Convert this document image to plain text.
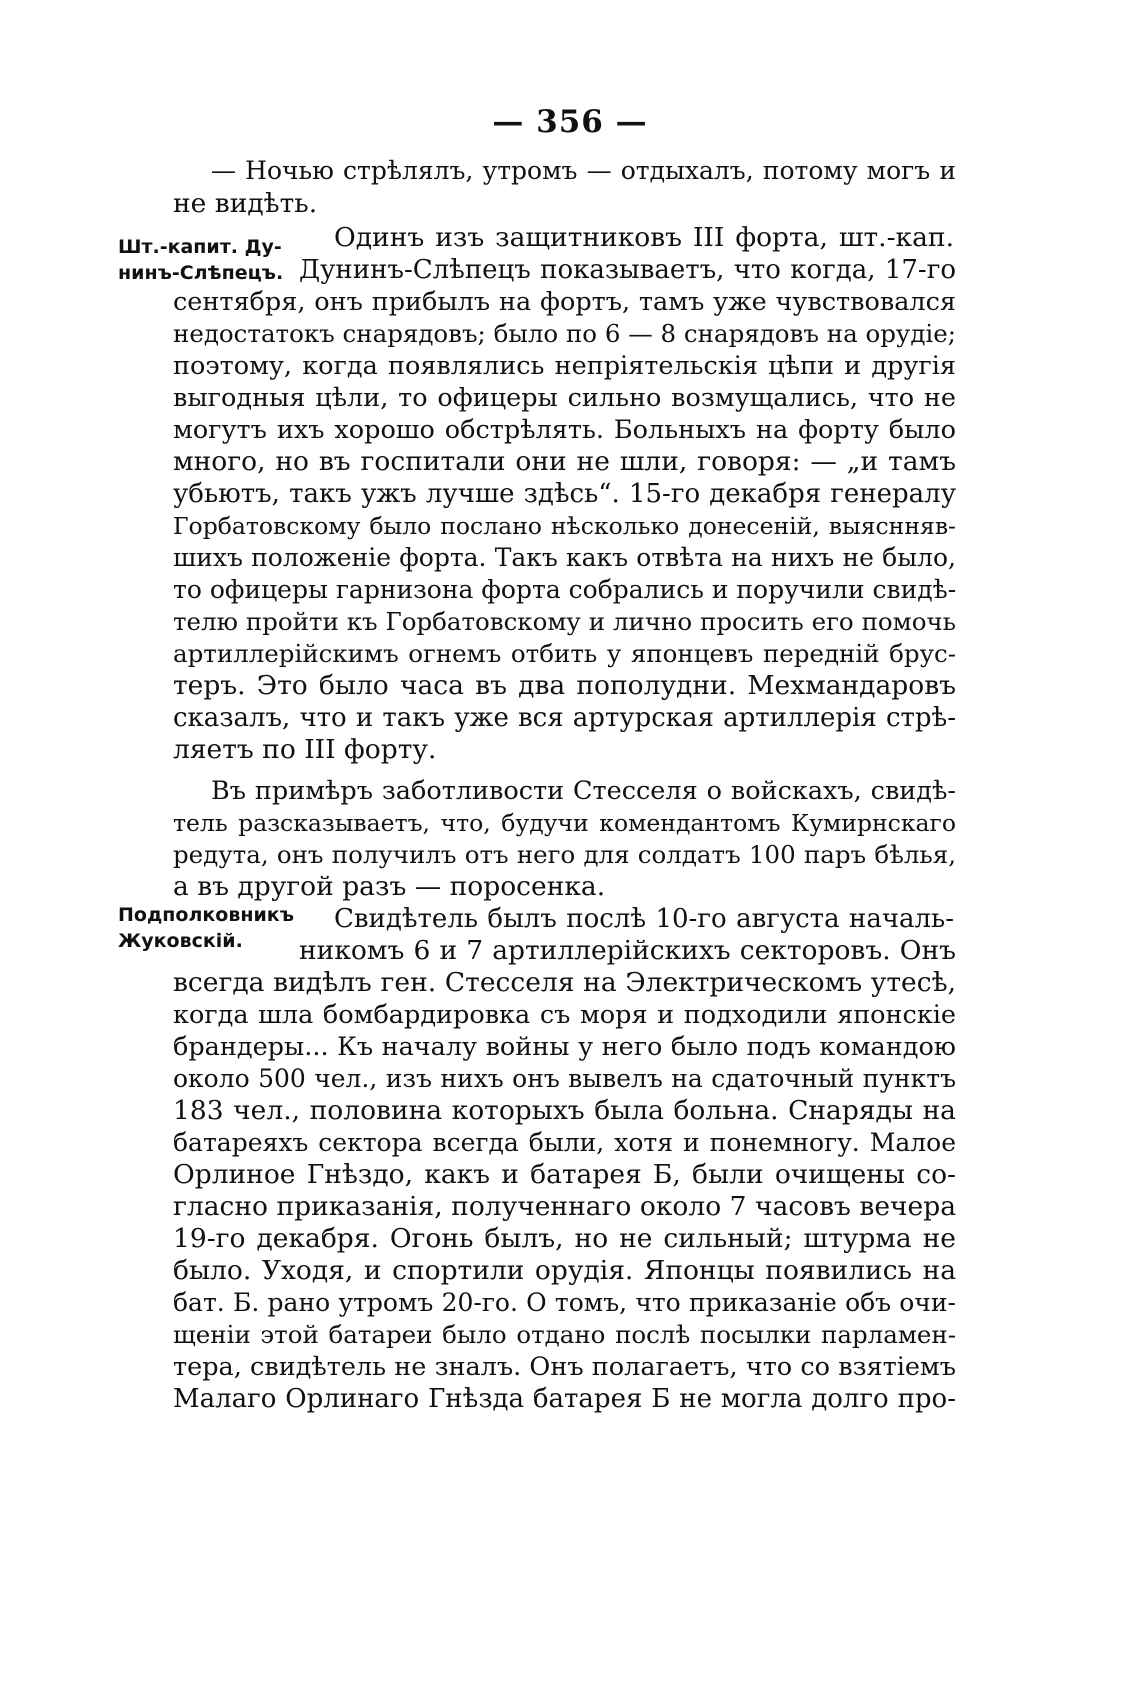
— 356 —
Шт.-капит. Ду-
нинъ-Слѣпецъ.
Подполковникъ
Жуковскій.
— Ночью стрѣлялъ, утромъ — отдыхалъ, потому могъ и
не видѣть.
Одинъ изъ защитниковъ III форта, шт.-кап.
Дунинъ-Слѣпецъ показываетъ, что когда, 17-го
сентября, онъ прибылъ на фортъ, тамъ уже чувствовался
недостатокъ снарядовъ; было по 6 — 8 снарядовъ на орудіе;
поэтому, когда появлялись непріятельскія цѣпи и другія
выгодныя цѣли, то офицеры сильно возмущались, что не
могутъ ихъ хорошо обстрѣлять. Больныхъ на форту было
много, но въ госпитали они не шли, говоря: — „и тамъ
убьютъ, такъ ужъ лучше здѣсь“. 15-го декабря генералу
Горбатовскому было послано нѣсколько донесеній, выяснняв-
шихъ положеніе форта. Такъ какъ отвѣта на нихъ не было,
то офицеры гарнизона форта собрались и поручили свидѣ-
телю пройти къ Горбатовскому и лично просить его помочь
артиллерійскимъ огнемъ отбить у японцевъ передній брус-
теръ. Это было часа въ два пополудни. Мехмандаровъ
сказалъ, что и такъ уже вся артурская артиллерія стрѣ-
ляетъ по III форту.
Въ примѣръ заботливости Стесселя о войскахъ, свидѣ-
тель разсказываетъ, что, будучи комендантомъ Кумирнскаго
редута, онъ получилъ отъ него для солдатъ 100 паръ бѣлья,
а въ другой разъ — поросенка.
Свидѣтель былъ послѣ 10-го августа началь-
никомъ 6 и 7 артиллерійскихъ секторовъ. Онъ
всегда видѣлъ ген. Стесселя на Электрическомъ утесѣ,
когда шла бомбардировка съ моря и подходили японскіе
брандеры... Къ началу войны у него было подъ командою
около 500 чел., изъ нихъ онъ вывелъ на сдаточный пунктъ
183 чел., половина которыхъ была больна. Снаряды на
батареяхъ сектора всегда были, хотя и понемногу. Малое
Орлиное Гнѣздо, какъ и батарея Б, были очищены со-
гласно приказанія, полученнаго около 7 часовъ вечера
19-го декабря. Огонь былъ, но не сильный; штурма не
было. Уходя, и спортили орудія. Японцы появились на
бат. Б. рано утромъ 20-го. О томъ, что приказаніе объ очи-
щеніи этой батареи было отдано послѣ посылки парламен-
тера, свидѣтель не зналъ. Онъ полагаетъ, что со взятіемъ
Малаго Орлинаго Гнѣзда батарея Б не могла долго про-
